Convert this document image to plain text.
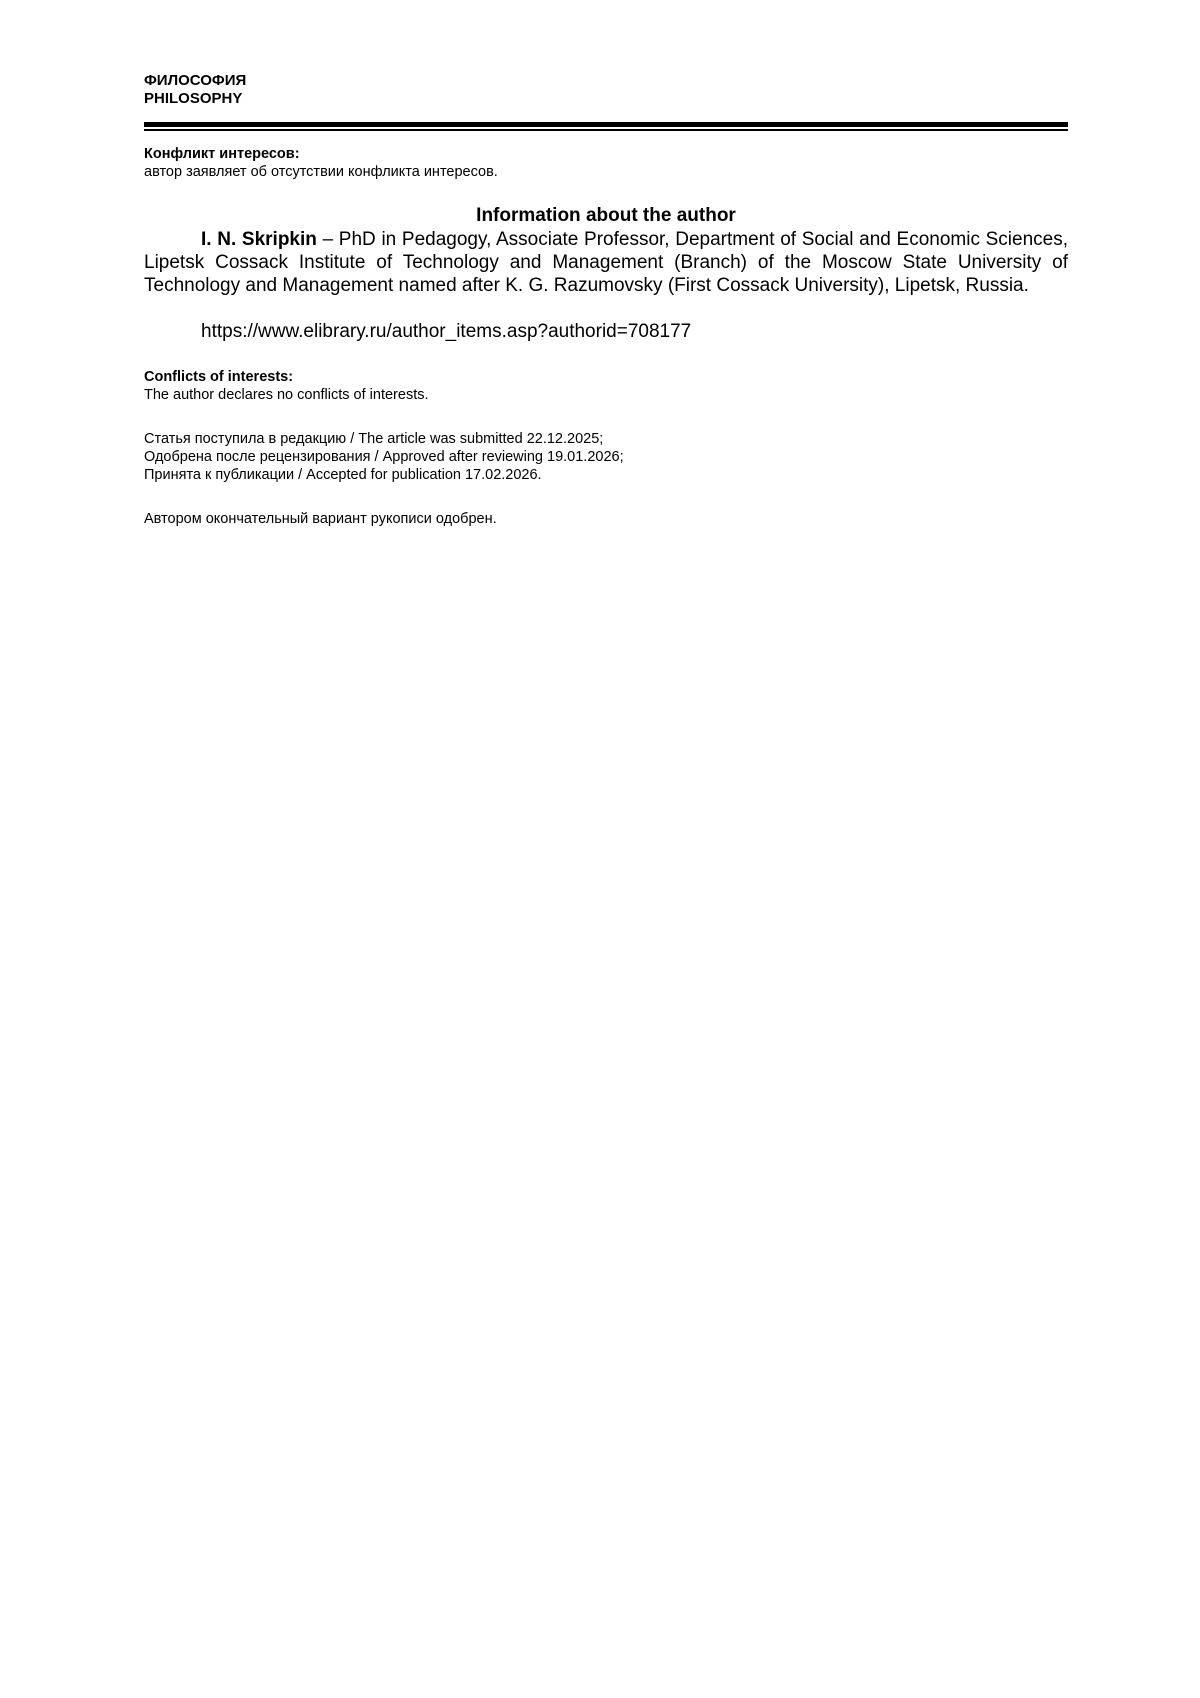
ФИЛОСОФИЯ
PHILOSOPHY
Конфликт интересов:
автор заявляет об отсутствии конфликта интересов.
Information about the author
I. N. Skripkin – PhD in Pedagogy, Associate Professor, Department of Social and Economic Sciences, Lipetsk Cossack Institute of Technology and Management (Branch) of the Moscow State University of Technology and Management named after K. G. Razumovsky (First Cossack University), Lipetsk, Russia.
https://www.elibrary.ru/author_items.asp?authorid=708177
Conflicts of interests:
The author declares no conflicts of interests.
Статья поступила в редакцию / The article was submitted 22.12.2025;
Одобрена после рецензирования / Approved after reviewing 19.01.2026;
Принята к публикации / Accepted for publication 17.02.2026.
Автором окончательный вариант рукописи одобрен.
